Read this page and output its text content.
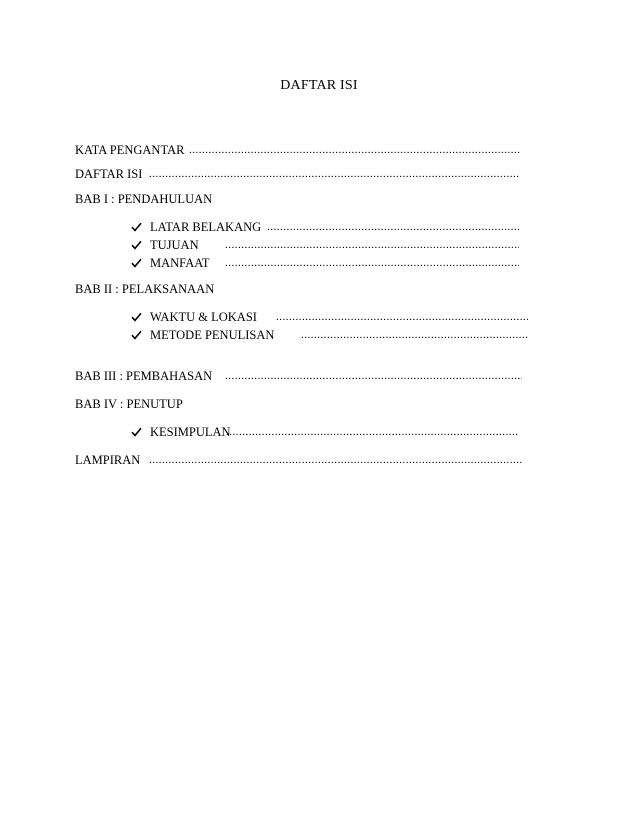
DAFTAR ISI
KATA PENGANTAR
.....
DAFTAR ISI
.....
BAB I : PENDAHULUAN
LATAR BELAKANG
.....
TUJUAN
.....
MANFAAT
.....
BAB II : PELAKSANAAN
WAKTU & LOKASI
.....
METODE PENULISAN
.....
BAB III : PEMBAHASAN
.....
BAB IV : PENUTUP
KESIMPULAN
.....
LAMPIRAN
.....
